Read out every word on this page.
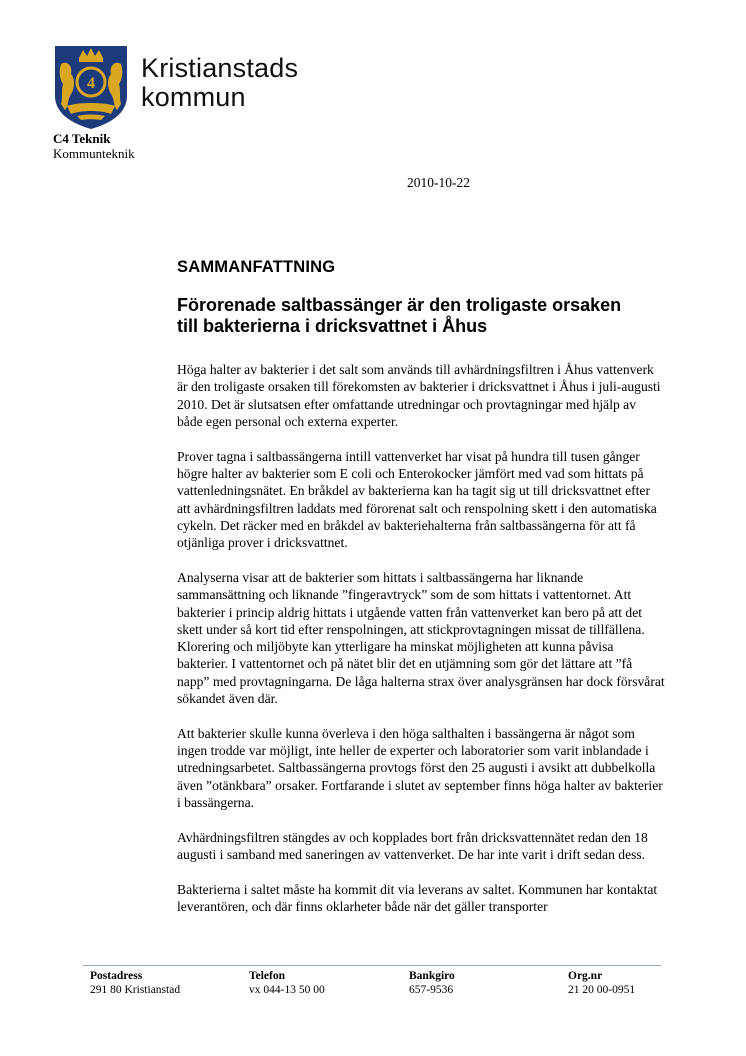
4
Kristianstads
kommun
C4 Teknik
Kommunteknik
2010-10-22
SAMMANFATTNING
Förorenade saltbassänger är den troligaste orsaken till bakterierna i dricksvattnet i Åhus

Höga halter av bakterier i det salt som används till avhärdningsfiltren i Åhus vattenverk är den troligaste orsaken till förekomsten av bakterier i dricksvattnet i Åhus i juli-augusti 2010. Det är slutsatsen efter omfattande utredningar och provtagningar med hjälp av både egen personal och externa experter.

Prover tagna i saltbassängerna intill vattenverket har visat på hundra till tusen gånger högre halter av bakterier som E coli och Enterokocker jämfört med vad som hittats på vattenledningsnätet. En bråkdel av bakterierna kan ha tagit sig ut till dricksvattnet efter att avhärdningsfiltren laddats med förorenat salt och renspolning skett i den automatiska cykeln. Det räcker med en bråkdel av bakteriehalterna från saltbassängerna för att få otjänliga prover i dricksvattnet.

Analyserna visar att de bakterier som hittats i saltbassängerna har liknande sammansättning och liknande ”fingeravtryck” som de som hittats i vattentornet. Att bakterier i princip aldrig hittats i utgående vatten från vattenverket kan bero på att det skett under så kort tid efter renspolningen, att stickprovtagningen missat de tillfällena. Klorering och miljöbyte kan ytterligare ha minskat möjligheten att kunna påvisa bakterier. I vattentornet och på nätet blir det en utjämning som gör det lättare att ”få napp” med provtagningarna. De låga halterna strax över analysgränsen har dock försvårat sökandet även där.

Att bakterier skulle kunna överleva i den höga salthalten i bassängerna är något som ingen trodde var möjligt, inte heller de experter och laboratorier som varit inblandade i utredningsarbetet. Saltbassängerna provtogs först den 25 augusti i avsikt att dubbelkolla även ”otänkbara” orsaker. Fortfarande i slutet av september finns höga halter av bakterier i bassängerna.

Avhärdningsfiltren stängdes av och kopplades bort från dricksvattennätet redan den 18 augusti i samband med saneringen av vattenverket. De har inte varit i drift sedan dess.

Bakterierna i saltet måste ha kommit dit via leverans av saltet. Kommunen har kontaktat leverantören, och där finns oklarheter både när det gäller transporter

Postadress
291 80 Kristianstad
Telefon
vx 044-13 50 00
Bankgiro
657-9536
Org.nr
21 20 00-0951
